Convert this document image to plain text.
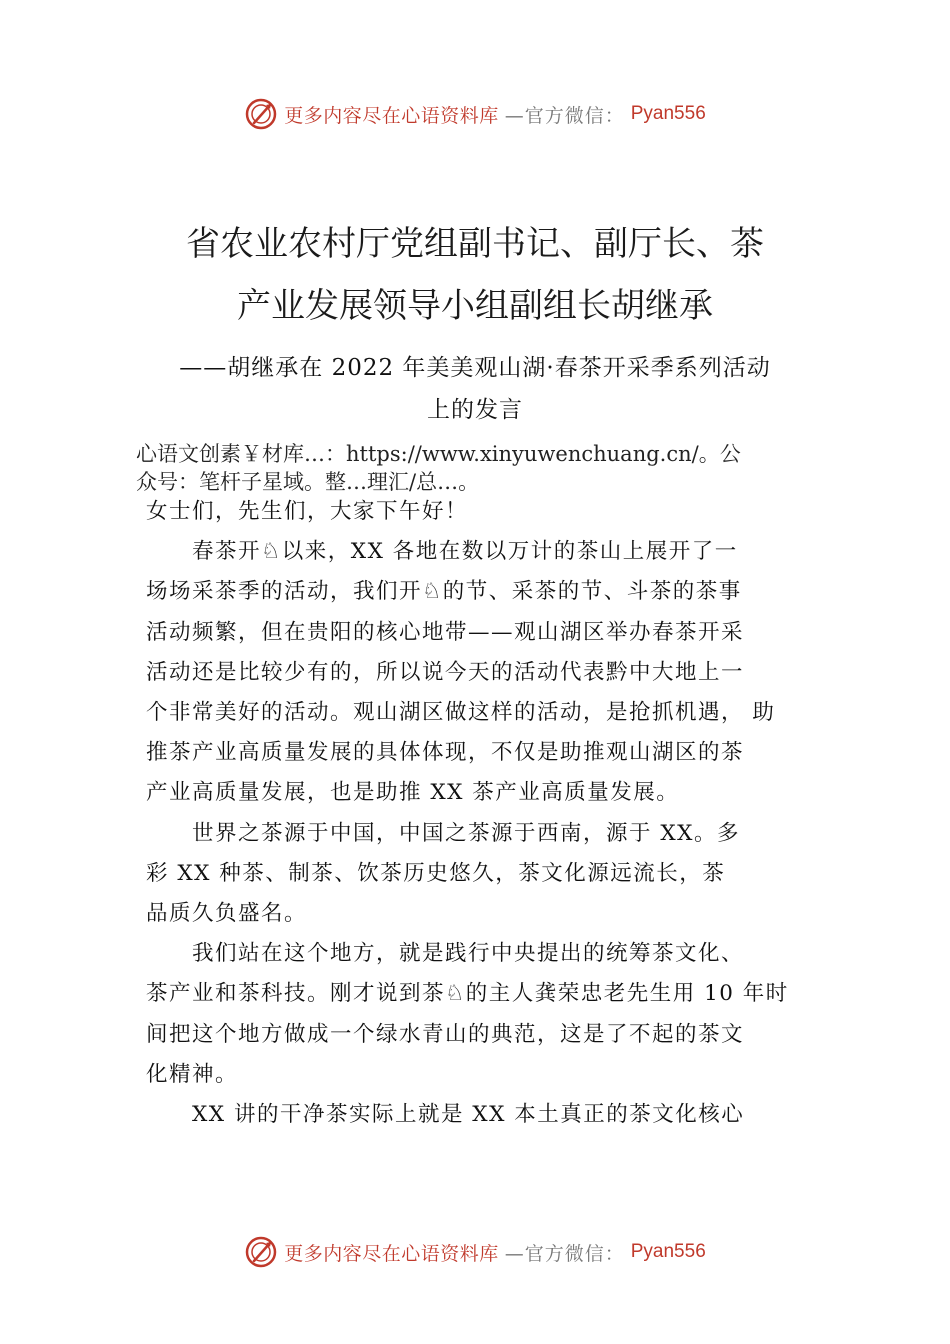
更多内容尽在心语资料库 —官方微信： Pyan556
省农业农村厅党组副书记、副厅长、茶
产业发展领导小组副组长胡继承
——胡继承在 2022 年美美观山湖·春茶开采季系列活动
上的发言
心语文创素￥材库…：https://www.xinyuwenchuang.cn/。公
众号：笔杆子星域。整…理汇/总…。
女士们，先生们，大家下午好！
　　春茶开♘以来，XX 各地在数以万计的茶山上展开了一
场场采茶季的活动，我们开♘的节、采茶的节、斗茶的茶事
活动频繁，但在贵阳的核心地带——观山湖区举办春茶开采
活动还是比较少有的，所以说今天的活动代表黔中大地上一
个非常美好的活动。观山湖区做这样的活动，是抢抓机遇， 助
推茶产业高质量发展的具体体现，不仅是助推观山湖区的茶
产业高质量发展，也是助推 XX 茶产业高质量发展。
　　世界之茶源于中国，中国之茶源于西南，源于 XX。多
彩 XX 种茶、制茶、饮茶历史悠久，茶文化源远流长，茶
品质久负盛名。
　　我们站在这个地方，就是践行中央提出的统筹茶文化、
茶产业和茶科技。刚才说到茶♘的主人龚荣忠老先生用 10 年时
间把这个地方做成一个绿水青山的典范，这是了不起的茶文
化精神。
　　XX 讲的干净茶实际上就是 XX 本土真正的茶文化核心
更多内容尽在心语资料库 —官方微信： Pyan556
